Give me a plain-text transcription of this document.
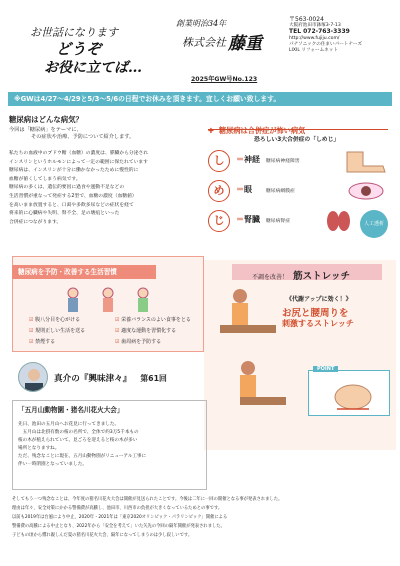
お世話になります
どうぞ
お役に立てば…
創業明治34年
株式会社 藤重
2025年GW号No.123
〒563-0024
大阪府池田市鉢塚3-7-13
TEL 072-763-3339
http://www.fujiju.com/
パナソニックの住まいパートナーズ
LIXIL リフォームネット
※GWは4/27～4/29と5/3～5/6の日程でお休みを頂きます。宜しくお願い致します。
糖尿病はどんな病気？
今回は「糖尿病」をテーマに、
その症状や治療、予防について紹介します。
私たちの血液中のブドウ糖（血糖）の濃度は、膵臓から分泌され
インスリンというホルモンによって一定の範囲に保たれています
糖尿病は、インスリンが十分に働かなかったために慢性的に
血糖が値くしてしまう病気です。
糖尿病の多くは、遺伝的要因に過食や運動不足などの
生活習慣が重なって発症する2型で、血糖の濃度（血糖値）
を高いまま放置すると、口渇や多飲多尿などの症状を経て
将来的に心臓病や失明、腎不全、足の壊疽といった
合併症につながります。
糖尿病を予防・改善する生活習慣
☑ 腹八分目を心がける	☑ 栄養バランスのよい食事をとる
☑ 規則正しい生活を送る	☑ 適度な運動を習慣化する
☑ 禁煙する	☑ 歯周病を予防する
✚ 糖尿病は合併症が怖い病気
恐ろしい3大合併症の「しめじ」
し	＝神経 糖尿病神経障害
め	＝眼	糖尿病網膜症
じ	＝腎臓 糖尿病腎症	人工透析
不調を改善！ 筋ストレッチ
《代謝アップに効く！》
お尻と腰周りを
刺激するストレッチ
POINT
真介の『興味津々』 第61回
「五月山動物園・猪名川花火大会」
先日、池田の五月山へお花見に行ってきました。
　五月山は北摂有数の桜の名所で、全体で約3万5千本もの
桜の木が植えられていて、見ごろを迎えると桜の木が多い
場所となりますね。
ただ、残念なことに現在、五月山動物園がリニューアル工事に
伴い一時閉園となっていました。
そしてもう一つ残念なことは、今年度の猪名川花火大会は開催が見送られたことです。今後は二年に一回の開催となる事が発表されました。
理由は年々、安全対策にかかる警備費が高騰し、池田市、川西市の負担が大きくなっているためとの事です。
以前も2019年は台風により中止、2020年・2021年は「東京2020オリンピック・パラリンピック」開催による
警備費の高騰による中止となり、2022年から「安全を考えて」いた矢先の今回の隔年開催が発表されました。
子どもの頃から慣れ親しんだ夏の猪名川花火大会、隔年になってしまうのは少し寂しいです。
